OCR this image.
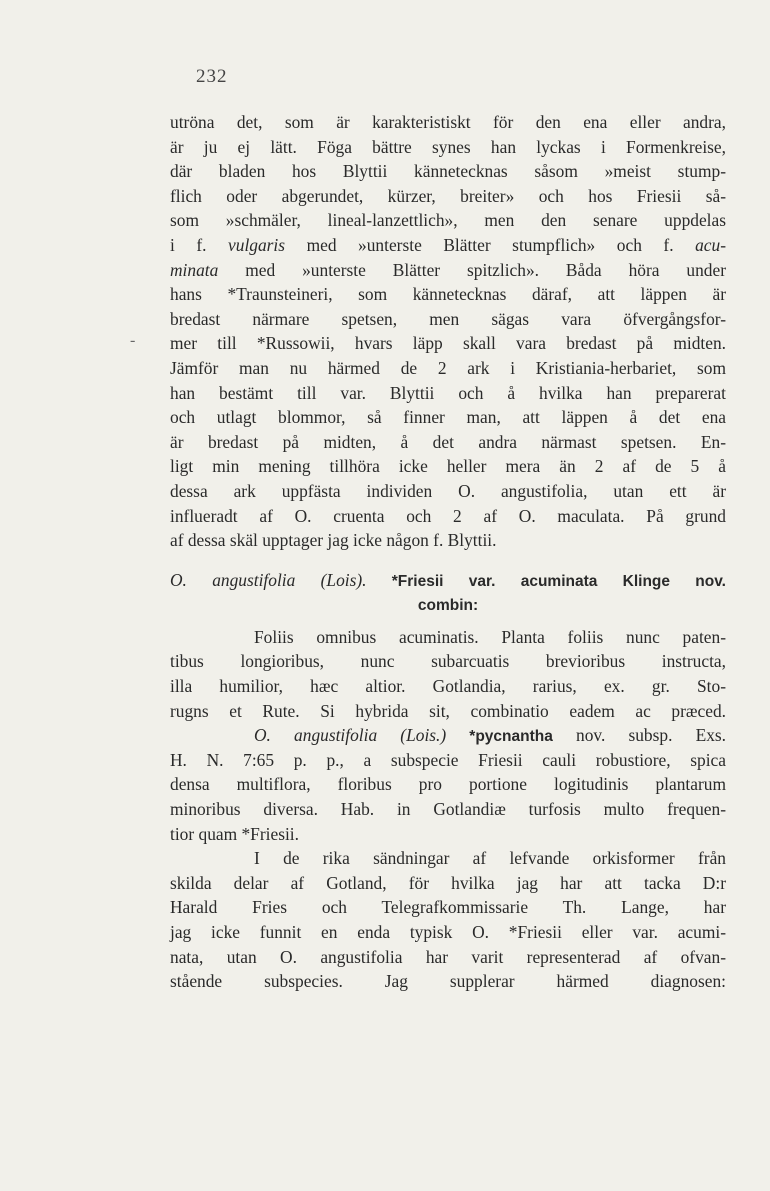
232
-
utröna det, som är karakteristiskt för den ena eller andra,
är ju ej lätt. Föga bättre synes han lyckas i Formenkreise,
där bladen hos Blyttii kännetecknas såsom »meist stump-
flich oder abgerundet, kürzer, breiter» och hos Friesii så-
som »schmäler, lineal-lanzettlich», men den senare uppdelas
i f. vulgaris med »unterste Blätter stumpflich» och f. acu-
minata med »unterste Blätter spitzlich». Båda höra under
hans *Traunsteineri, som kännetecknas däraf, att läppen är
bredast närmare spetsen, men sägas vara öfvergångsfor-
mer till *Russowii, hvars läpp skall vara bredast på midten.
Jämför man nu härmed de 2 ark i Kristiania-herbariet, som
han bestämt till var. Blyttii och å hvilka han preparerat
och utlagt blommor, så finner man, att läppen å det ena
är bredast på midten, å det andra närmast spetsen. En-
ligt min mening tillhöra icke heller mera än 2 af de 5 å
dessa ark uppfästa individen O. angustifolia, utan ett är
influeradt af O. cruenta och 2 af O. maculata. På grund
af dessa skäl upptager jag icke någon f. Blyttii.
O. angustifolia (Lois). *Friesii var. acuminata Klinge nov.
combin:
Foliis omnibus acuminatis. Planta foliis nunc paten-
tibus longioribus, nunc subarcuatis brevioribus instructa,
illa humilior, hæc altior. Gotlandia, rarius, ex. gr. Sto-
rugns et Rute. Si hybrida sit, combinatio eadem ac præced.
O. angustifolia (Lois.) *pycnantha nov. subsp. Exs.
H. N. 7:65 p. p., a subspecie Friesii cauli robustiore, spica
densa multiflora, floribus pro portione logitudinis plantarum
minoribus diversa. Hab. in Gotlandiæ turfosis multo frequen-
tior quam *Friesii.
I de rika sändningar af lefvande orkisformer från
skilda delar af Gotland, för hvilka jag har att tacka D:r
Harald Fries och Telegrafkommissarie Th. Lange, har
jag icke funnit en enda typisk O. *Friesii eller var. acumi-
nata, utan O. angustifolia har varit representerad af ofvan-
stående subspecies. Jag supplerar härmed diagnosen:
